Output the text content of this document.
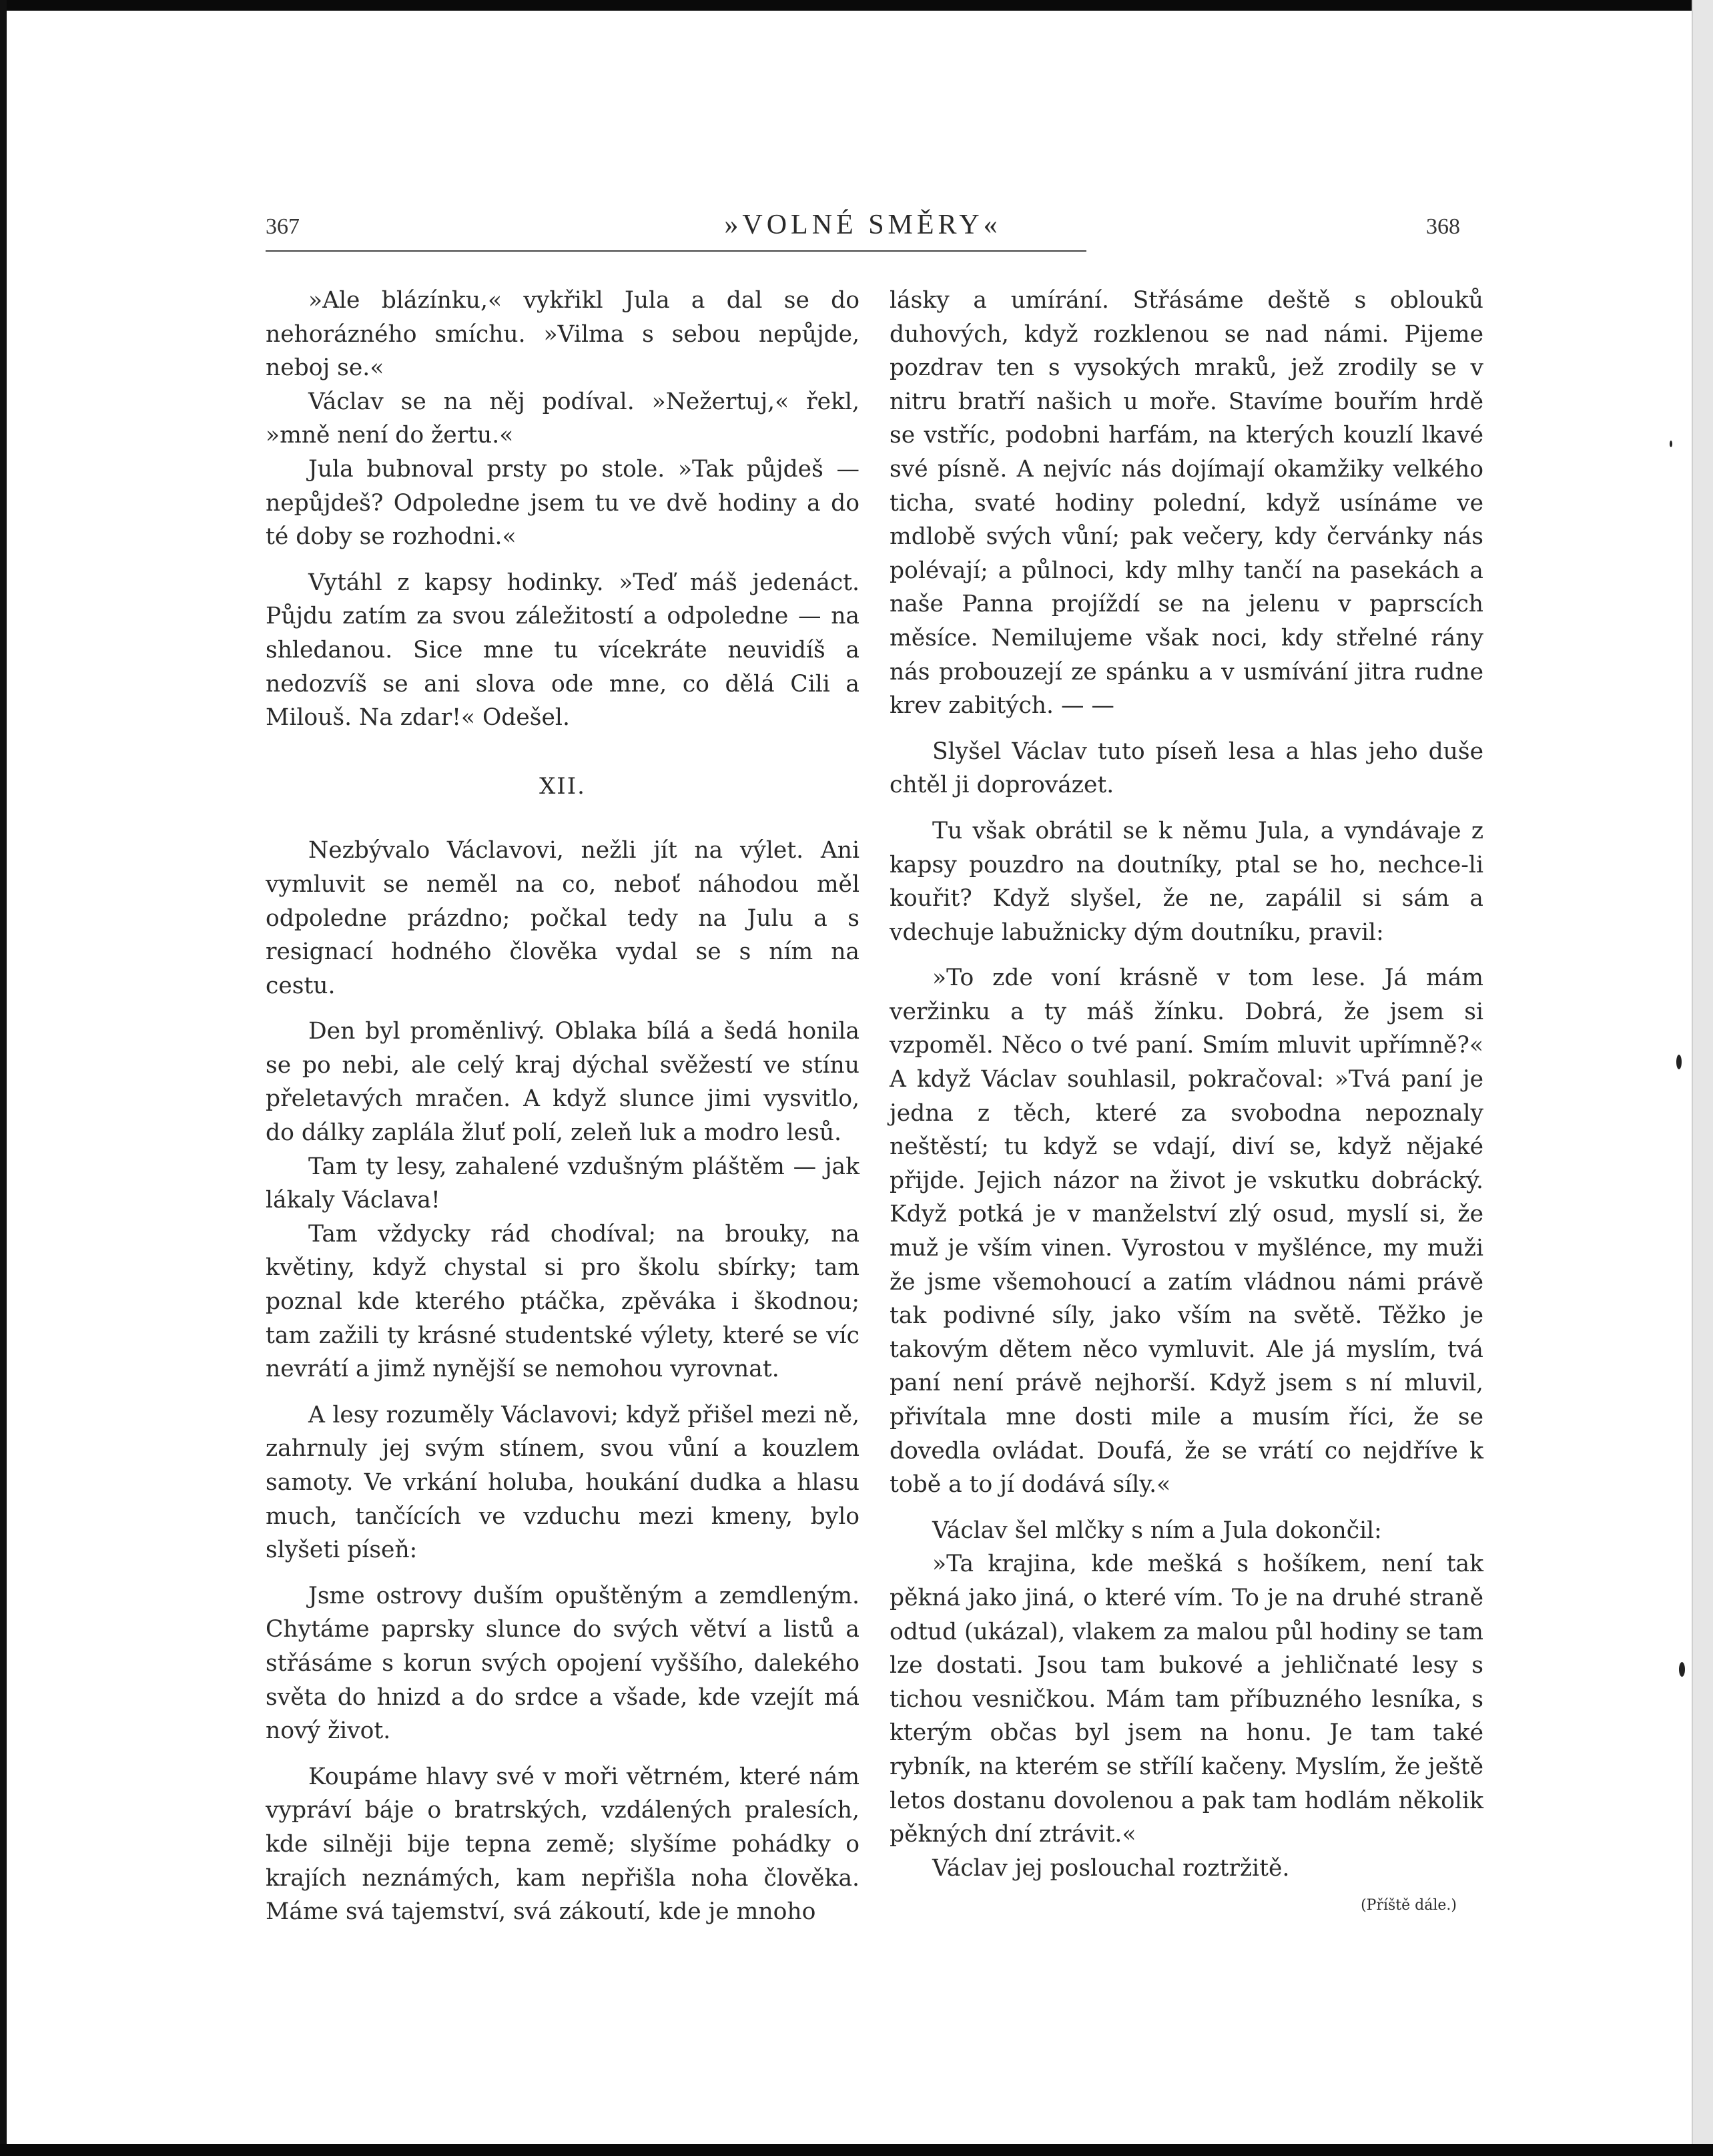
367	»VOLNÉ SMĚRY«	368

»Ale blázínku,« vykřikl Jula a dal se do nehorázného smíchu. »Vilma s sebou nepůjde, neboj se.«

Václav se na něj podíval. »Nežertuj,« řekl, »mně není do žertu.«

Jula bubnoval prsty po stole. »Tak půjdeš — nepůjdeš? Odpoledne jsem tu ve dvě hodiny a do té doby se rozhodni.«

Vytáhl z kapsy hodinky. »Teď máš jedenáct. Půjdu zatím za svou záležitostí a odpoledne — na shledanou. Sice mne tu vícekráte neuvidíš a nedozvíš se ani slova ode mne, co dělá Cili a Milouš. Na zdar!« Odešel.

XII.

Nezbývalo Václavovi, nežli jít na výlet. Ani vymluvit se neměl na co, neboť náhodou měl odpoledne prázdno; počkal tedy na Julu a s resignací hodného člověka vydal se s ním na cestu.

Den byl proměnlivý. Oblaka bílá a šedá honila se po nebi, ale celý kraj dýchal svěžestí ve stínu přeletavých mračen. A když slunce jimi vysvitlo, do dálky zaplála žluť polí, zeleň luk a modro lesů.

Tam ty lesy, zahalené vzdušným pláštěm — jak lákaly Václava!

Tam vždycky rád chodíval; na brouky, na květiny, když chystal si pro školu sbírky; tam poznal kde kterého ptáčka, zpěváka i škodnou; tam zažili ty krásné studentské výlety, které se víc nevrátí a jimž nynější se nemohou vyrovnat.

A lesy rozuměly Václavovi; když přišel mezi ně, zahrnuly jej svým stínem, svou vůní a kouzlem samoty. Ve vrkání holuba, houkání dudka a hlasu much, tančících ve vzduchu mezi kmeny, bylo slyšeti píseň:

Jsme ostrovy duším opuštěným a zemdleným. Chytáme paprsky slunce do svých větví a listů a střásáme s korun svých opojení vyššího, dalekého světa do hnizd a do srdce a všade, kde vzejít má nový život.

Koupáme hlavy své v moři větrném, které nám vypráví báje o bratrských, vzdálených pralesích, kde silněji bije tepna země; slyšíme pohádky o krajích neznámých, kam nepřišla noha člověka. Máme svá tajemství, svá zákoutí, kde je mnoho

lásky a umírání. Střásáme deště s oblouků duhových, když rozklenou se nad námi. Pijeme pozdrav ten s vysokých mraků, jež zrodily se v nitru bratří našich u moře. Stavíme bouřím hrdě se vstříc, podobni harfám, na kterých kouzlí lkavé své písně. A nejvíc nás dojímají okamžiky velkého ticha, svaté hodiny polední, když usínáme ve mdlobě svých vůní; pak večery, kdy červánky nás polévají; a půlnoci, kdy mlhy tančí na pasekách a naše Panna projíždí se na jelenu v paprscích měsíce. Nemilujeme však noci, kdy střelné rány nás probouzejí ze spánku a v usmívání jitra rudne krev zabitých. — —

Slyšel Václav tuto píseň lesa a hlas jeho duše chtěl ji doprovázet.

Tu však obrátil se k němu Jula, a vyndávaje z kapsy pouzdro na doutníky, ptal se ho, nechce-li kouřit? Když slyšel, že ne, zapálil si sám a vdechuje labužnicky dým doutníku, pravil:

»To zde voní krásně v tom lese. Já mám veržinku a ty máš žínku. Dobrá, že jsem si vzpoměl. Něco o tvé paní. Smím mluvit upřímně?« A když Václav souhlasil, pokračoval: »Tvá paní je jedna z těch, které za svobodna nepoznaly neštěstí; tu když se vdají, diví se, když nějaké přijde. Jejich názor na život je vskutku dobrácký. Když potká je v manželství zlý osud, myslí si, že muž je vším vinen. Vyrostou v myšlénce, my muži že jsme všemohoucí a zatím vládnou námi právě tak podivné síly, jako vším na světě. Těžko je takovým dětem něco vymluvit. Ale já myslím, tvá paní není právě nejhorší. Když jsem s ní mluvil, přivítala mne dosti mile a musím říci, že se dovedla ovládat. Doufá, že se vrátí co nejdříve k tobě a to jí dodává síly.«

Václav šel mlčky s ním a Jula dokončil:

»Ta krajina, kde mešká s hošíkem, není tak pěkná jako jiná, o které vím. To je na druhé straně odtud (ukázal), vlakem za malou půl hodiny se tam lze dostati. Jsou tam bukové a jehličnaté lesy s tichou vesničkou. Mám tam příbuzného lesníka, s kterým občas byl jsem na honu. Je tam také rybník, na kterém se střílí kačeny. Myslím, že ještě letos dostanu dovolenou a pak tam hodlám několik pěkných dní ztrávit.«

Václav jej poslouchal roztržitě.

(Příště dále.)
